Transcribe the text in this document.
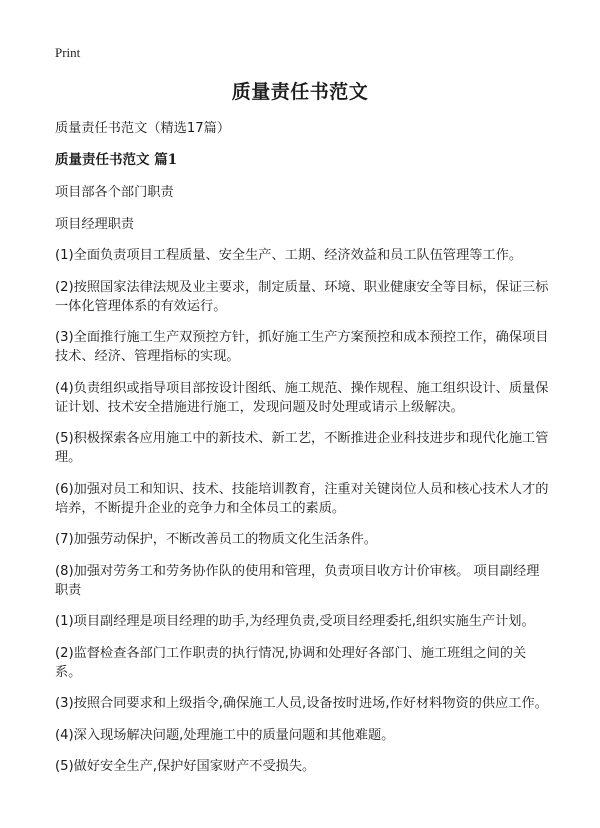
Print
质量责任书范文

质量责任书范文（精选17篇）

质量责任书范文 篇1

项目部各个部门职责

项目经理职责

(1)全面负责项目工程质量、安全生产、工期、经济效益和员工队伍管理等工作。

(2)按照国家法律法规及业主要求，制定质量、环境、职业健康安全等目标，保证三标一体化管理体系的有效运行。

(3)全面推行施工生产双预控方针，抓好施工生产方案预控和成本预控工作，确保项目技术、经济、管理指标的实现。

(4)负责组织或指导项目部按设计图纸、施工规范、操作规程、施工组织设计、质量保证计划、技术安全措施进行施工，发现问题及时处理或请示上级解决。

(5)积极探索各应用施工中的新技术、新工艺，不断推进企业科技进步和现代化施工管理。

(6)加强对员工和知识、技术、技能培训教育，注重对关键岗位人员和核心技术人才的培养，不断提升企业的竞争力和全体员工的素质。

(7)加强劳动保护，不断改善员工的物质文化生活条件。

(8)加强对劳务工和劳务协作队的使用和管理，负责项目收方计价审核。 项目副经理职责

(1)项目副经理是项目经理的助手,为经理负责,受项目经理委托,组织实施生产计划。

(2)监督检查各部门工作职责的执行情况,协调和处理好各部门、施工班组之间的关系。

(3)按照合同要求和上级指令,确保施工人员,设备按时进场,作好材料物资的供应工作。

(4)深入现场解决问题,处理施工中的质量问题和其他难题。

(5)做好安全生产,保护好国家财产不受损失。
